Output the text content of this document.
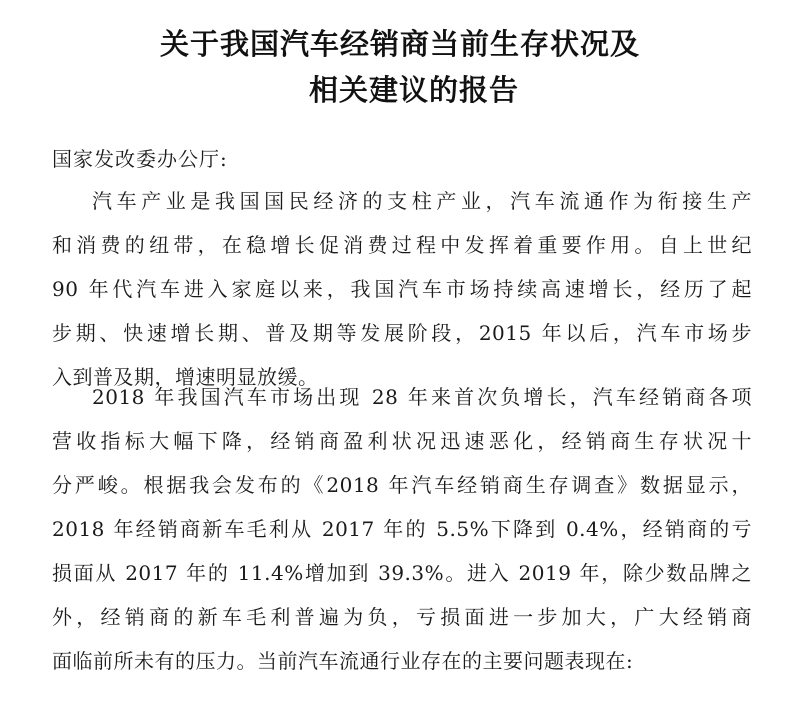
关于我国汽车经销商当前生存状况及
相关建议的报告
国家发改委办公厅:
汽车产业是我国国民经济的支柱产业，汽车流通作为衔接生产
和消费的纽带，在稳增长促消费过程中发挥着重要作用。自上世纪
90 年代汽车进入家庭以来，我国汽车市场持续高速增长，经历了起
步期、快速增长期、普及期等发展阶段，2015 年以后，汽车市场步
入到普及期，增速明显放缓。
2018 年我国汽车市场出现 28 年来首次负增长，汽车经销商各项
营收指标大幅下降，经销商盈利状况迅速恶化，经销商生存状况十
分严峻。根据我会发布的《2018 年汽车经销商生存调查》数据显示，
2018 年经销商新车毛利从 2017 年的 5.5%下降到 0.4%，经销商的亏
损面从 2017 年的 11.4%增加到 39.3%。进入 2019 年，除少数品牌之
外，经销商的新车毛利普遍为负，亏损面进一步加大，广大经销商
面临前所未有的压力。当前汽车流通行业存在的主要问题表现在:
